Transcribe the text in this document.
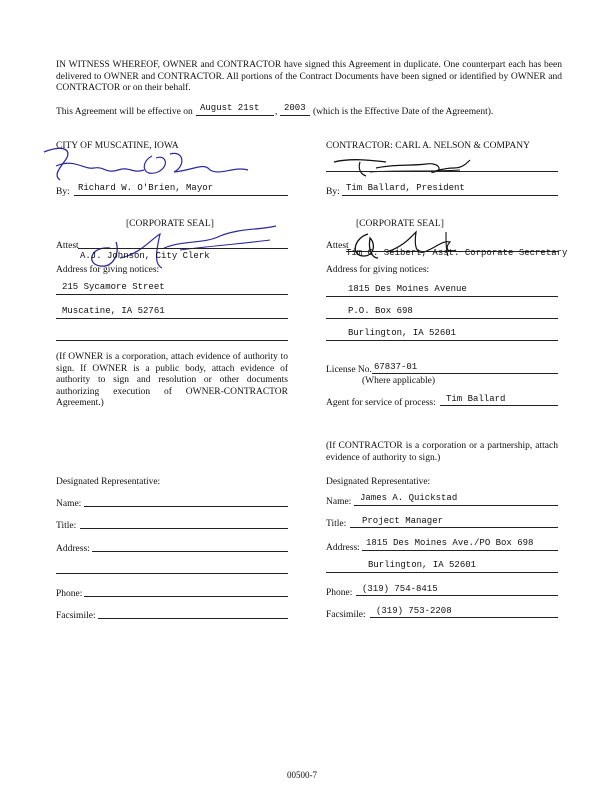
IN WITNESS WHEREOF, OWNER and CONTRACTOR have signed this Agreement in duplicate. One counterpart each has been delivered to OWNER and CONTRACTOR. All portions of the Contract Documents have been signed or identified by OWNER and CONTRACTOR or on their behalf.
This Agreement will be effective on August 21st , 2003 (which is the Effective Date of the Agreement).
CITY OF MUSCATINE, IOWA
By: Richard W. O'Brien, Mayor
[CORPORATE SEAL]
Attest
A.J. Johnson, City Clerk
Address for giving notices:
215 Sycamore Street
Muscatine, IA 52761
(If OWNER is a corporation, attach evidence of authority to sign. If OWNER is a public body, attach evidence of authority to sign and resolution or other documents authorizing execution of OWNER-CONTRACTOR Agreement.)
Designated Representative:
Name:
Title:
Address:
Phone:
Facsimile:
CONTRACTOR: CARL A. NELSON & COMPANY
By: Tim Ballard, President
[CORPORATE SEAL]
Attest
Tim C. Seibert, Asst. Corporate Secretary
Address for giving notices:
1815 Des Moines Avenue
P.O. Box 698
Burlington, IA 52601
License No. 67837-01
(Where applicable)
Agent for service of process: Tim Ballard
(If CONTRACTOR is a corporation or a partnership, attach evidence of authority to sign.)
Designated Representative:
Name: James A. Quickstad
Title: Project Manager
Address: 1815 Des Moines Ave./PO Box 698
Burlington, IA 52601
Phone: (319) 754-8415
Facsimile: (319) 753-2208
00500-7
